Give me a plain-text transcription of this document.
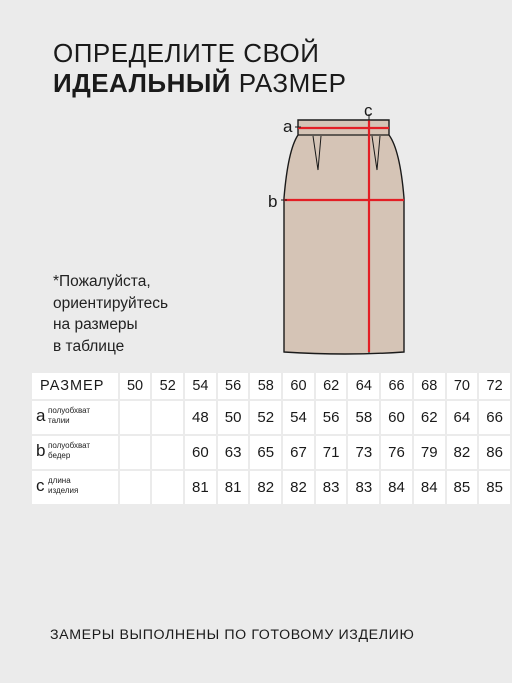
ОПРЕДЕЛИТЕ СВОЙ
ИДЕАЛЬНЫЙ РАЗМЕР
a
b
c
*Пожалуйста,
ориентируйтесь
на размеры
в таблице
РАЗМЕР	50	52	54	56	58	60	62	64	66	68	70	72

a полуобхват
талии			48	50	52	54	56	58	60	62	64	66

b полуобхват
бедер			60	63	65	67	71	73	76	79	82	86

c длина
изделия			81	81	82	82	83	83	84	84	85	85
ЗАМЕРЫ ВЫПОЛНЕНЫ ПО ГОТОВОМУ ИЗДЕЛИЮ
